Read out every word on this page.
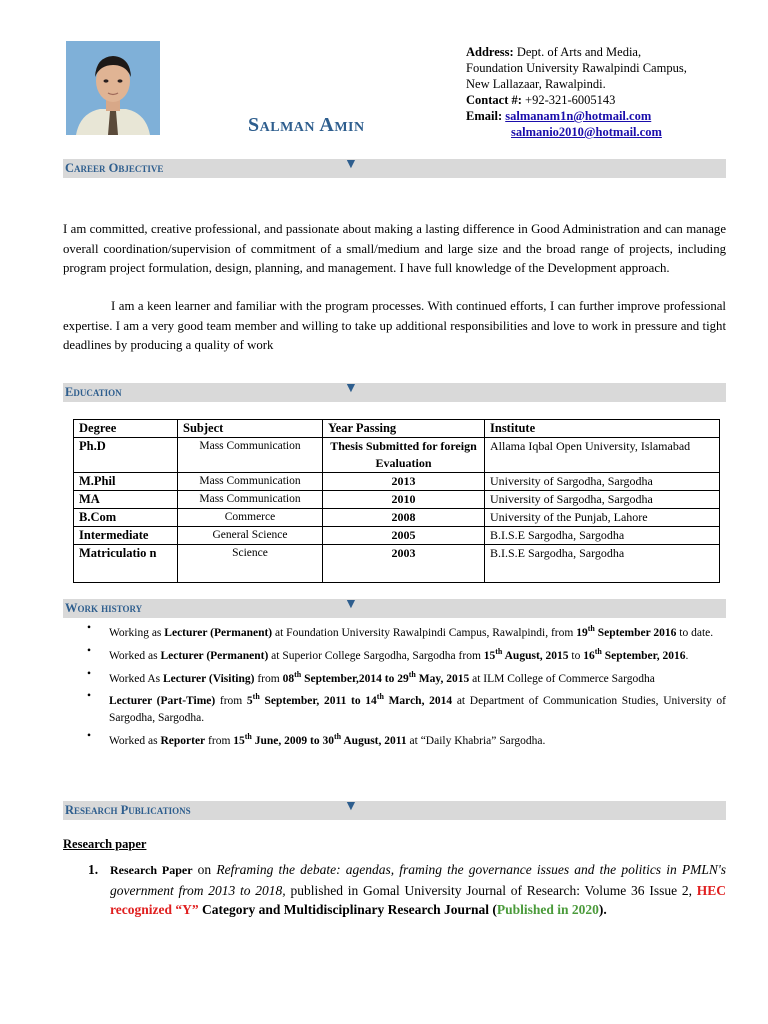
Salman Amin
Address: Dept. of Arts and Media,
Foundation University Rawalpindi Campus,
New Lallazaar, Rawalpindi.
Contact #: +92-321-6005143
Email: salmanam1n@hotmail.com
salmanio2010@hotmail.com
Career Objective	▼
I am committed, creative professional, and passionate about making a lasting difference in Good Administration and can manage overall coordination/supervision of commitment of a small/medium and large size and the broad range of projects, including program project formulation, design, planning, and management. I have full knowledge of the Development approach.
I am a keen learner and familiar with the program processes. With continued efforts, I can further improve professional expertise. I am a very good team member and willing to take up additional responsibilities and love to work in pressure and tight deadlines by producing a quality of work
Education	▼
Degree	Subject	Year Passing	Institute
Ph.D	Mass Communication	Thesis Submitted for foreign Evaluation	Allama Iqbal Open University, Islamabad
M.Phil	Mass Communication	2013	University of Sargodha, Sargodha
MA	Mass Communication	2010	University of Sargodha, Sargodha
B.Com	Commerce	2008	University of the Punjab, Lahore
Intermediate	General Science	2005	B.I.S.E Sargodha, Sargodha
Matriculatio n	Science	2003	B.I.S.E Sargodha, Sargodha
Work history	▼
• Working as Lecturer (Permanent) at Foundation University Rawalpindi Campus, Rawalpindi, from 19th September 2016 to date.
• Worked as Lecturer (Permanent) at Superior College Sargodha, Sargodha from 15th August, 2015 to 16th September, 2016.
• Worked As Lecturer (Visiting) from 08th September,2014 to 29th May, 2015 at ILM College of Commerce Sargodha
• Lecturer (Part-Time) from 5th September, 2011 to 14th March, 2014 at Department of Communication Studies, University of Sargodha, Sargodha.
• Worked as Reporter from 15th June, 2009 to 30th August, 2011 at “Daily Khabria” Sargodha.
Research Publications	▼
Research paper
1. Research Paper on Reframing the debate: agendas, framing the governance issues and the politics in PMLN's government from 2013 to 2018, published in Gomal University Journal of Research: Volume 36 Issue 2, HEC recognized “Y” Category and Multidisciplinary Research Journal (Published in 2020).
